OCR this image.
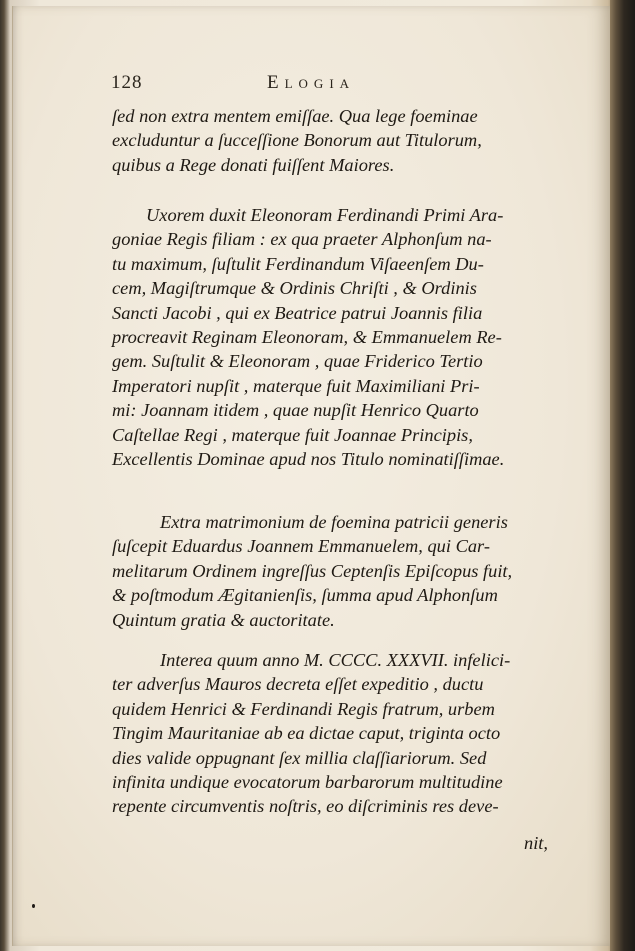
128	Elogia
ſed non extra mentem emiſſae. Qua lege foeminae
excluduntur a ſucceſſione Bonorum aut Titulorum,
quibus a Rege donati fuiſſent Maiores.
Uxorem duxit Eleonoram Ferdinandi Primi Ara-
goniae Regis filiam : ex qua praeter Alphonſum na-
tu maximum, ſuſtulit Ferdinandum Viſaeenſem Du-
cem, Magiſtrumque & Ordinis Chriſti , & Ordinis
Sancti Jacobi , qui ex Beatrice patrui Joannis filia
procreavit Reginam Eleonoram, & Emmanuelem Re-
gem. Suſtulit & Eleonoram , quae Friderico Tertio
Imperatori nupſit , materque fuit Maximiliani Pri-
mi: Joannam itidem , quae nupſit Henrico Quarto
Caſtellae Regi , materque fuit Joannae Principis,
Excellentis Dominae apud nos Titulo nominatiſſimae.
Extra matrimonium de foemina patricii generis
ſuſcepit Eduardus Joannem Emmanuelem, qui Car-
melitarum Ordinem ingreſſus Ceptenſis Epiſcopus fuit,
& poſtmodum Ægitanienſis, ſumma apud Alphonſum
Quintum gratia & auctoritate.
Interea quum anno M. CCCC. XXXVII. infelici-
ter adverſus Mauros decreta eſſet expeditio , ductu
quidem Henrici & Ferdinandi Regis fratrum, urbem
Tingim Mauritaniae ab ea dictae caput, triginta octo
dies valide oppugnant ſex millia claſſiariorum. Sed
infinita undique evocatorum barbarorum multitudine
repente circumventis noſtris, eo diſcriminis res deve-
nit,
